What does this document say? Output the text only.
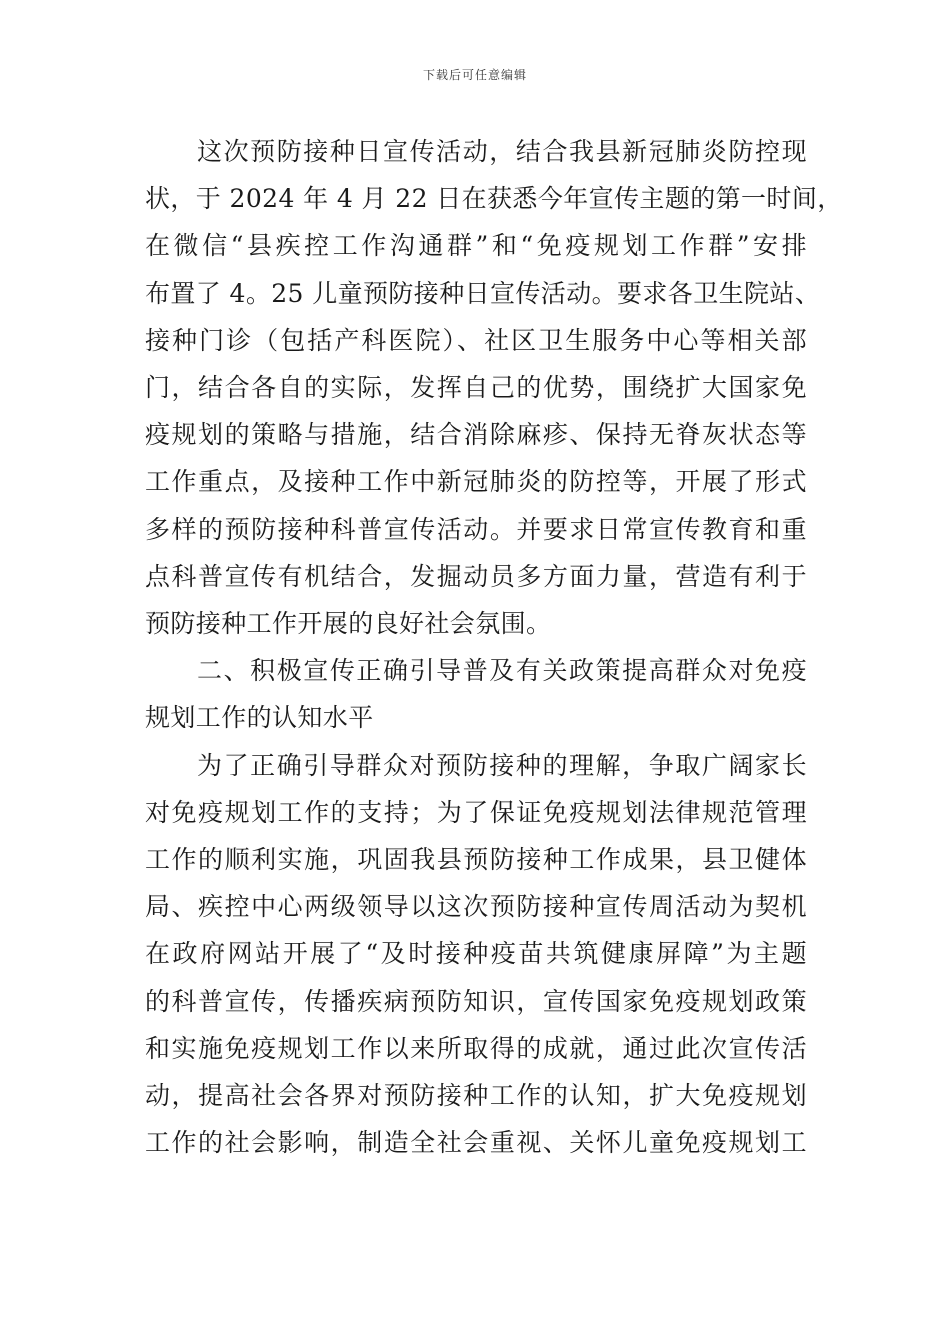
下载后可任意编辑

这次预防接种日宣传活动，结合我县新冠肺炎防控现
状，于 2024 年 4 月 22 日在获悉今年宣传主题的第一时间，
在微信“县疾控工作沟通群”和“免疫规划工作群”安排
布置了 4。25 儿童预防接种日宣传活动。要求各卫生院站、
接种门诊（包括产科医院）、社区卫生服务中心等相关部
门，结合各自的实际，发挥自己的优势，围绕扩大国家免
疫规划的策略与措施，结合消除麻疹、保持无脊灰状态等
工作重点，及接种工作中新冠肺炎的防控等，开展了形式
多样的预防接种科普宣传活动。并要求日常宣传教育和重
点科普宣传有机结合，发掘动员多方面力量，营造有利于
预防接种工作开展的良好社会氛围。

二、积极宣传正确引导普及有关政策提高群众对免疫
规划工作的认知水平

为了正确引导群众对预防接种的理解，争取广阔家长
对免疫规划工作的支持；为了保证免疫规划法律规范管理
工作的顺利实施，巩固我县预防接种工作成果，县卫健体
局、疾控中心两级领导以这次预防接种宣传周活动为契机
在政府网站开展了“及时接种疫苗共筑健康屏障”为主题
的科普宣传，传播疾病预防知识，宣传国家免疫规划政策
和实施免疫规划工作以来所取得的成就，通过此次宣传活
动，提高社会各界对预防接种工作的认知，扩大免疫规划
工作的社会影响，制造全社会重视、关怀儿童免疫规划工
